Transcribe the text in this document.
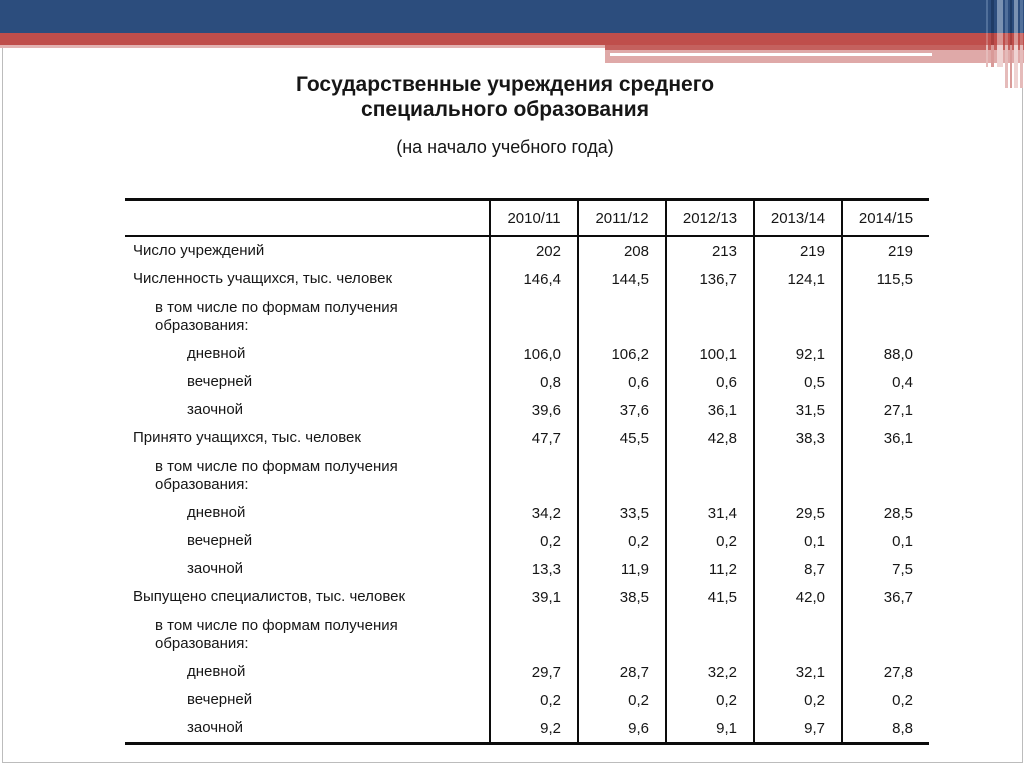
Государственные учреждения среднего
специального образования
(на начало учебного года)
	2010/11	2011/12	2012/13	2013/14	2014/15
Число учреждений	202	208	213	219	219
Численность учащихся, тыс. человек	146,4	144,5	136,7	124,1	115,5

в том числе по формам получения
образования:					

дневной	106,0	106,2	100,1	92,1	88,0
вечерней	0,8	0,6	0,6	0,5	0,4
заочной	39,6	37,6	36,1	31,5	27,1
Принято учащихся, тыс. человек	47,7	45,5	42,8	38,3	36,1

в том числе по формам получения
образования:					

дневной	34,2	33,5	31,4	29,5	28,5
вечерней	0,2	0,2	0,2	0,1	0,1
заочной	13,3	11,9	11,2	8,7	7,5
Выпущено специалистов, тыс. человек	39,1	38,5	41,5	42,0	36,7

в том числе по формам получения
образования:					

дневной	29,7	28,7	32,2	32,1	27,8
вечерней	0,2	0,2	0,2	0,2	0,2
заочной	9,2	9,6	9,1	9,7	8,8
